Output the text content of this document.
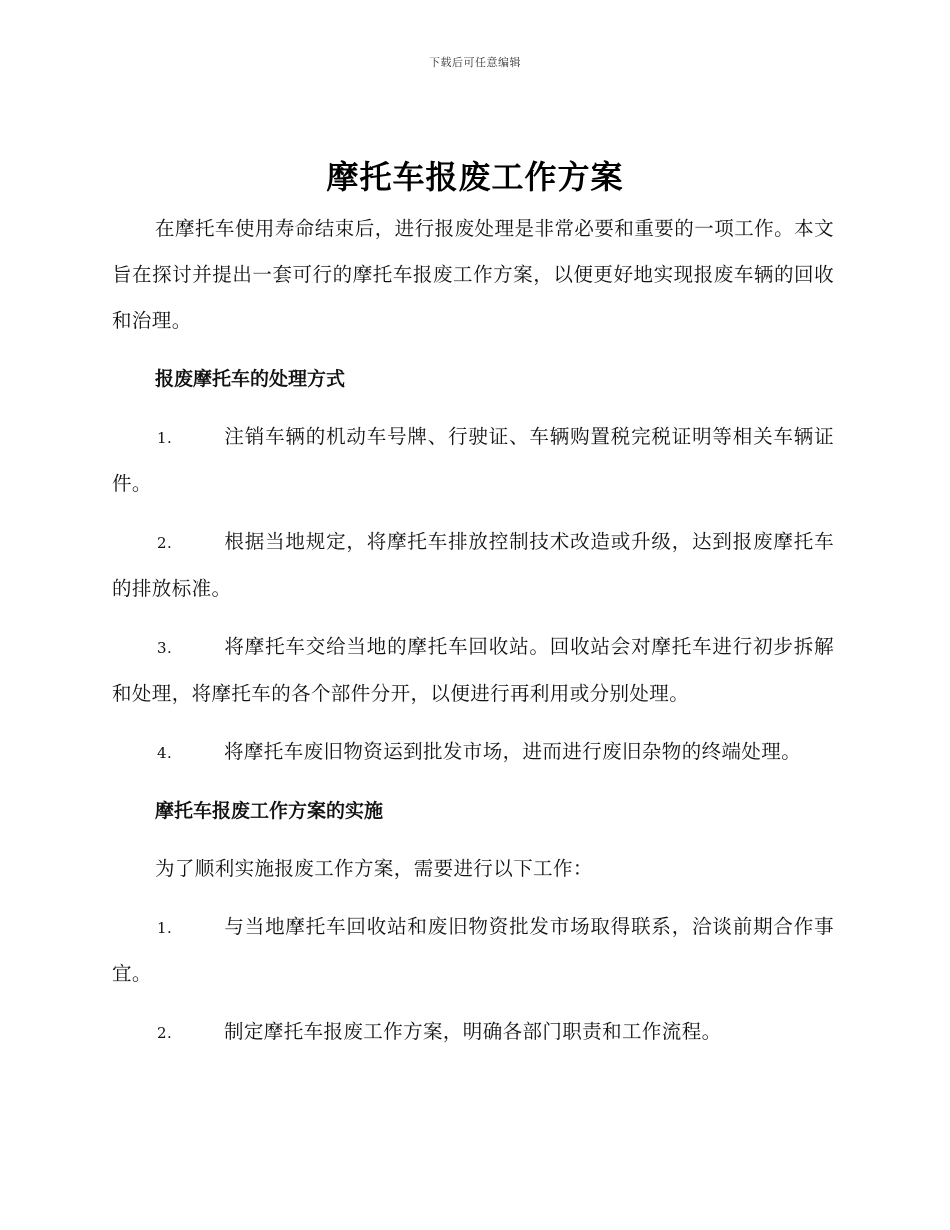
下载后可任意编辑
摩托车报废工作方案

在摩托车使用寿命结束后，进行报废处理是非常必要和重要的一项工作。本文旨在探讨并提出一套可行的摩托车报废工作方案，以便更好地实现报废车辆的回收和治理。

报废摩托车的处理方式
1.	注销车辆的机动车号牌、行驶证、车辆购置税完税证明等相关车辆证件。
2.	根据当地规定，将摩托车排放控制技术改造或升级，达到报废摩托车的排放标准。
3.	将摩托车交给当地的摩托车回收站。回收站会对摩托车进行初步拆解和处理，将摩托车的各个部件分开，以便进行再利用或分别处理。
4.	将摩托车废旧物资运到批发市场，进而进行废旧杂物的终端处理。
摩托车报废工作方案的实施

为了顺利实施报废工作方案，需要进行以下工作：

1.	与当地摩托车回收站和废旧物资批发市场取得联系，洽谈前期合作事宜。
2.	制定摩托车报废工作方案，明确各部门职责和工作流程。
